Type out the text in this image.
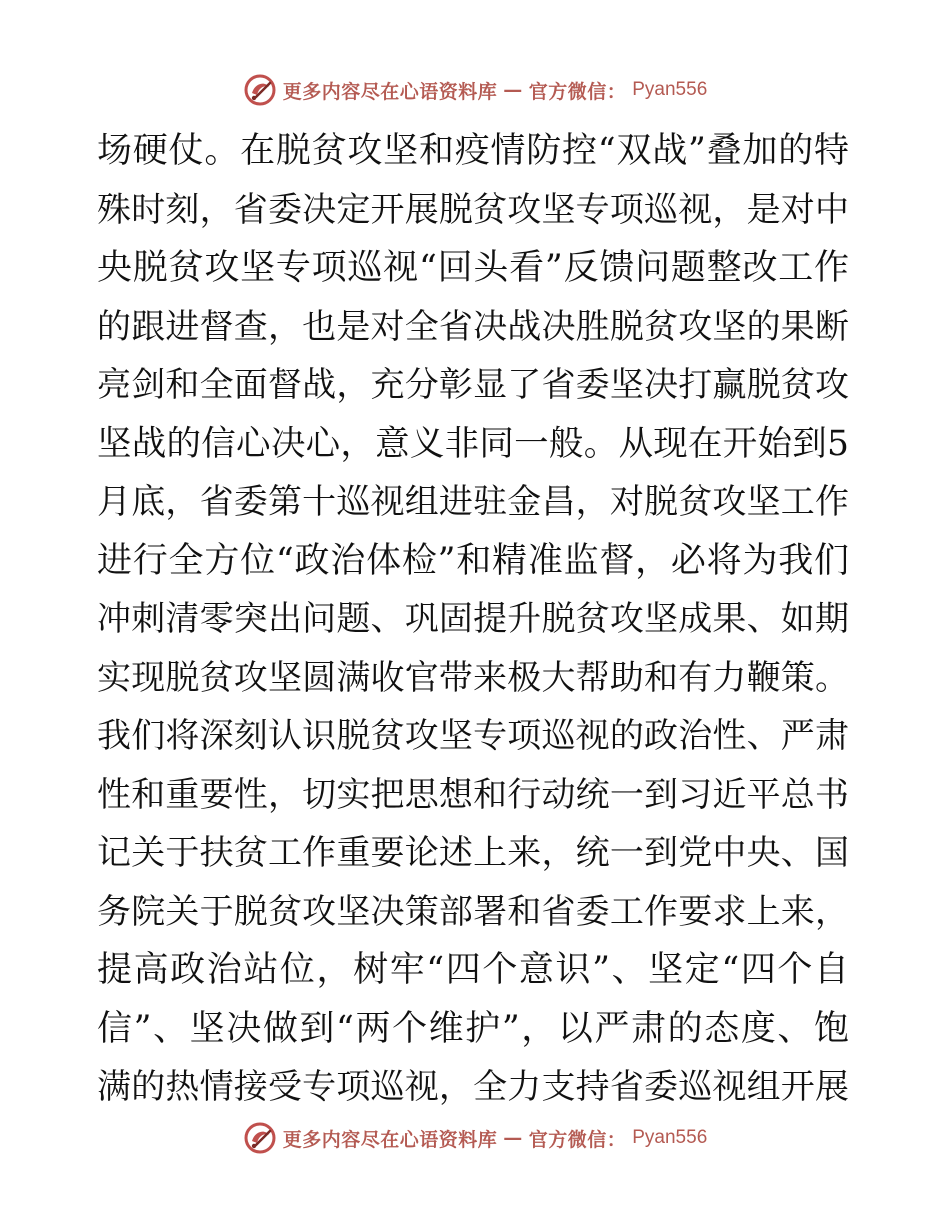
更多内容尽在心语资料库 — 官方微信： Pyan556
场硬仗。在脱贫攻坚和疫情防控“双战”叠加的特
殊时刻，省委决定开展脱贫攻坚专项巡视，是对中
央脱贫攻坚专项巡视“回头看”反馈问题整改工作
的跟进督查，也是对全省决战决胜脱贫攻坚的果断
亮剑和全面督战，充分彰显了省委坚决打赢脱贫攻
坚战的信心决心，意义非同一般。从现在开始到5
月底，省委第十巡视组进驻金昌，对脱贫攻坚工作
进行全方位“政治体检”和精准监督，必将为我们
冲刺清零突出问题、巩固提升脱贫攻坚成果、如期
实现脱贫攻坚圆满收官带来极大帮助和有力鞭策。
我们将深刻认识脱贫攻坚专项巡视的政治性、严肃
性和重要性，切实把思想和行动统一到习近平总书
记关于扶贫工作重要论述上来，统一到党中央、国
务院关于脱贫攻坚决策部署和省委工作要求上来，
提高政治站位，树牢“四个意识”、坚定“四个自
信”、坚决做到“两个维护”，以严肃的态度、饱
满的热情接受专项巡视，全力支持省委巡视组开展
更多内容尽在心语资料库 — 官方微信： Pyan556
